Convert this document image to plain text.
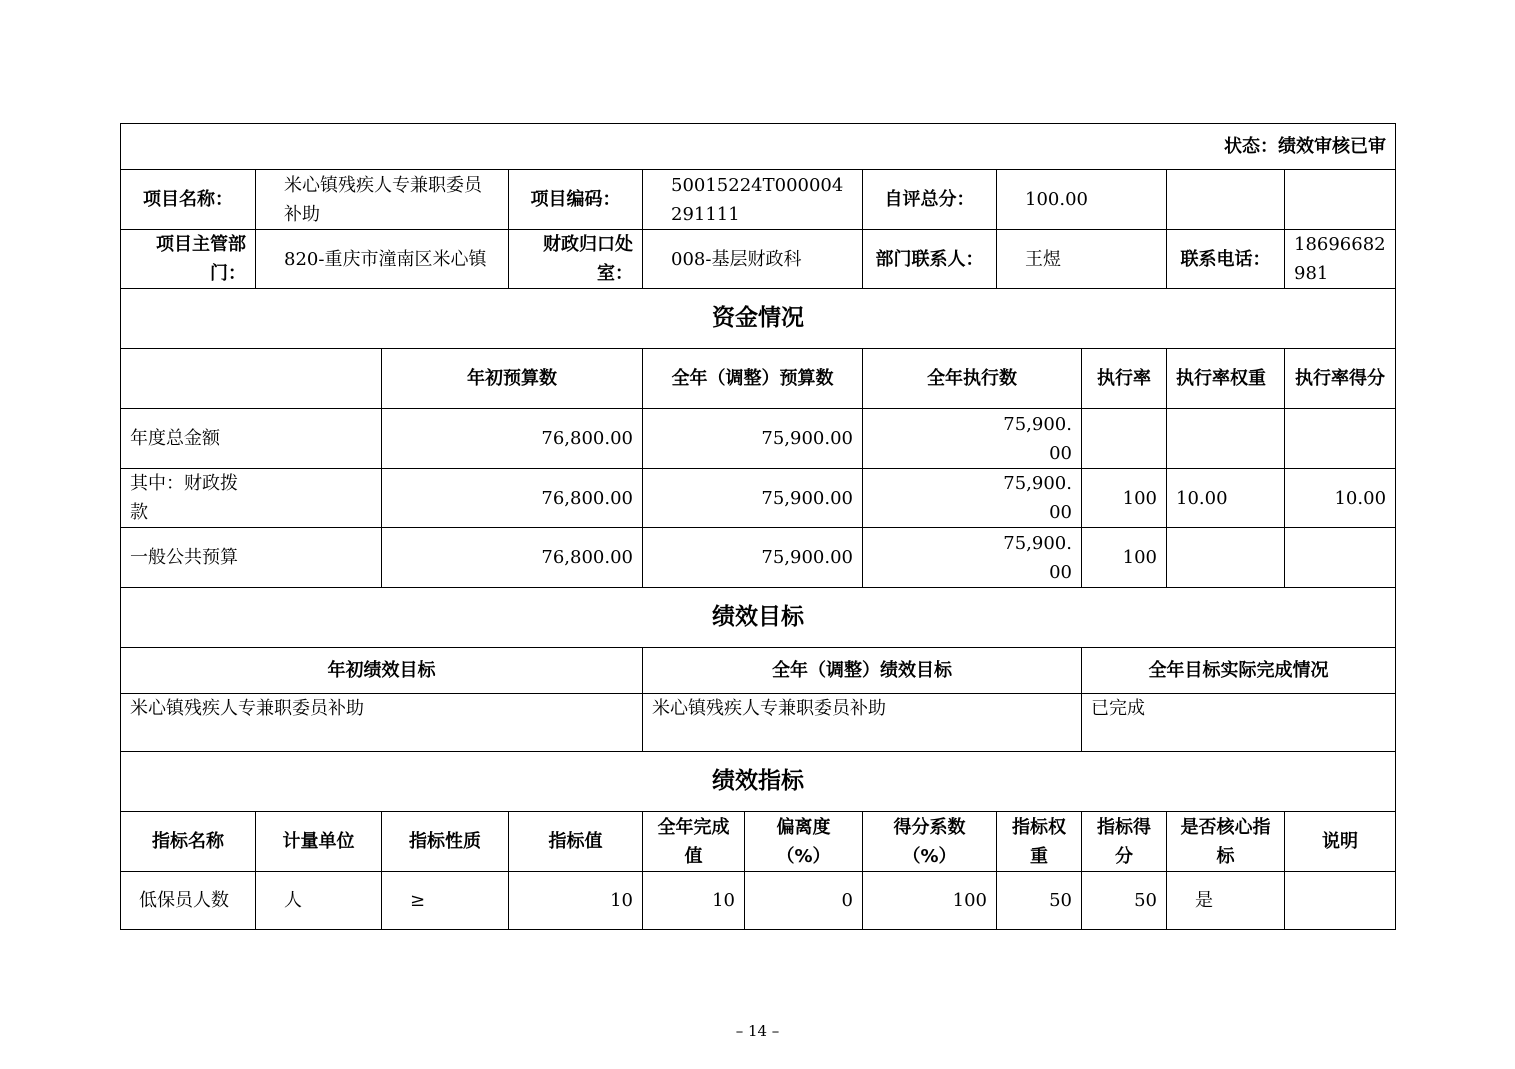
状态：绩效审核已审										
项目名称：	米心镇残疾人专兼职委员补助		项目编码：	50015224T000004291111		自评总分：	100.00			
项目主管部门：	820-重庆市潼南区米心镇		财政归口处室：	008-基层财政科		部门联系人：	王煜		联系电话：	18696682981
资金情况										
		年初预算数		全年（调整）预算数		全年执行数		执行率	执行率权重	执行率得分
年度总金额		76,800.00		75,900.00		75,900.00				

其中：财政拨款		76,800.00		75,900.00		75,900.00		100	10.00	10.00

一般公共预算		76,800.00		75,900.00		75,900.00		100		
绩效目标										
年初绩效目标				全年（调整）绩效目标				全年目标实际完成情况		
米心镇残疾人专兼职委员补助				米心镇残疾人专兼职委员补助				已完成		
绩效指标										
指标名称	计量单位	指标性质	指标值	全年完成值	偏离度（%）	得分系数（%）	指标权重	指标得分	是否核心指标	说明
低保员人数	人	≥	10	10	0	100	50	50	是	
– 14 –
